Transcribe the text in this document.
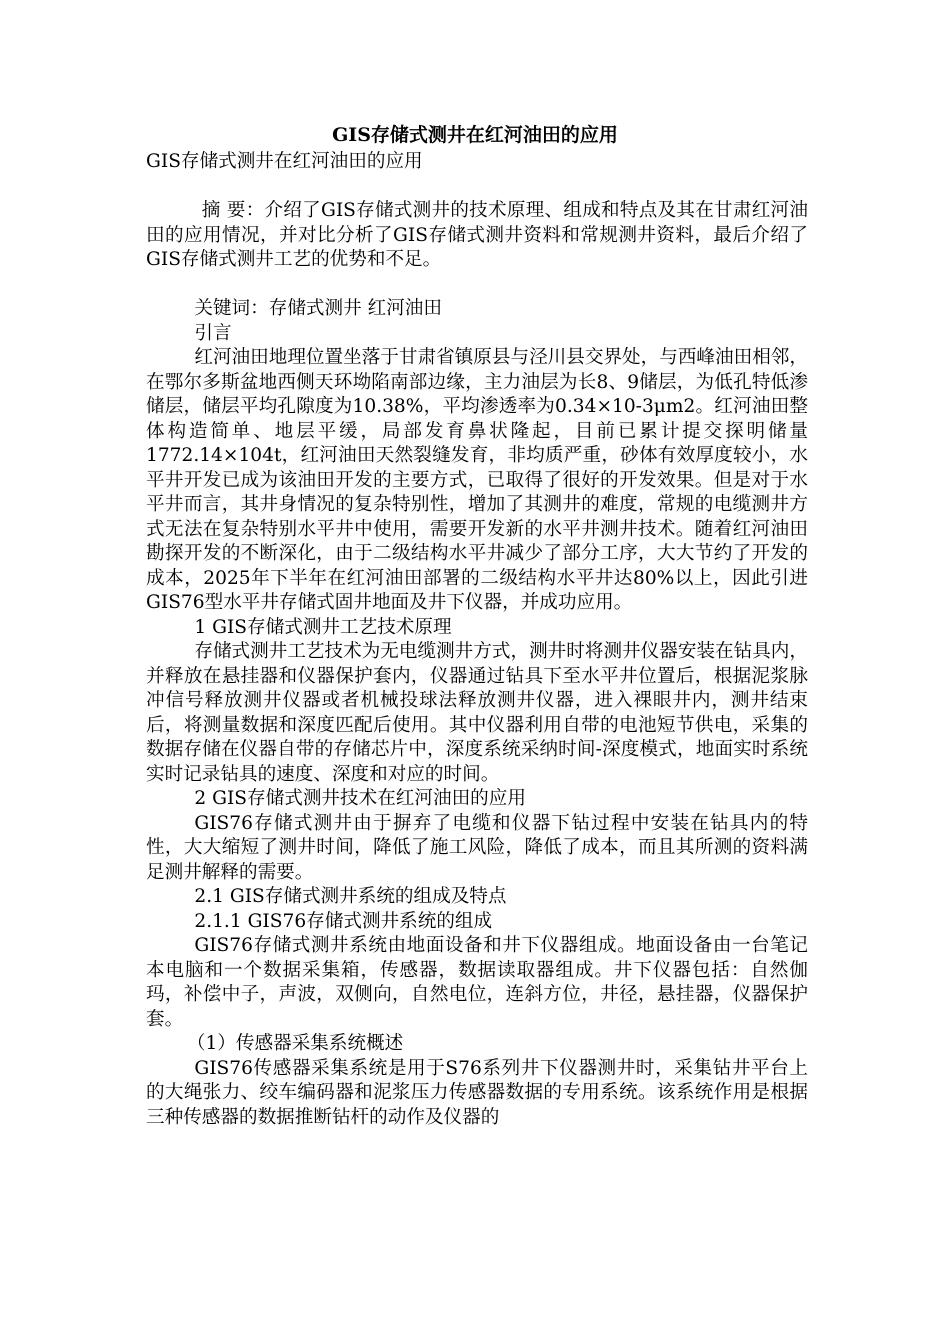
GIS存储式测井在红河油田的应用

GIS存储式测井在红河油田的应用

摘 要：介绍了GIS存储式测井的技术原理、组成和特点及其在甘肃红河油田的应用情况，并对比分析了GIS存储式测井资料和常规测井资料，最后介绍了GIS存储式测井工艺的优势和不足。

关键词：存储式测井 红河油田

引言

红河油田地理位置坐落于甘肃省镇原县与泾川县交界处，与西峰油田相邻，在鄂尔多斯盆地西侧天环坳陷南部边缘，主力油层为长8、9储层，为低孔特低渗储层，储层平均孔隙度为10.38%，平均渗透率为0.34×10-3μm2。红河油田整体构造简单、地层平缓，局部发育鼻状隆起，目前已累计提交探明储量1772.14×104t，红河油田天然裂缝发育，非均质严重，砂体有效厚度较小，水平井开发已成为该油田开发的主要方式，已取得了很好的开发效果。但是对于水平井而言，其井身情况的复杂特别性，增加了其测井的难度，常规的电缆测井方式无法在复杂特别水平井中使用，需要开发新的水平井测井技术。随着红河油田勘探开发的不断深化，由于二级结构水平井减少了部分工序，大大节约了开发的成本，2025年下半年在红河油田部署的二级结构水平井达80%以上，因此引进GIS76型水平井存储式固井地面及井下仪器，并成功应用。

1 GIS存储式测井工艺技术原理

存储式测井工艺技术为无电缆测井方式，测井时将测井仪器安装在钻具内，并释放在悬挂器和仪器保护套内，仪器通过钻具下至水平井位置后，根据泥浆脉冲信号释放测井仪器或者机械投球法释放测井仪器，进入裸眼井内，测井结束后，将测量数据和深度匹配后使用。其中仪器利用自带的电池短节供电，采集的数据存储在仪器自带的存储芯片中，深度系统采纳时间-深度模式，地面实时系统实时记录钻具的速度、深度和对应的时间。

2 GIS存储式测井技术在红河油田的应用

GIS76存储式测井由于摒弃了电缆和仪器下钻过程中安装在钻具内的特性，大大缩短了测井时间，降低了施工风险，降低了成本，而且其所测的资料满足测井解释的需要。

2.1 GIS存储式测井系统的组成及特点

2.1.1 GIS76存储式测井系统的组成

GIS76存储式测井系统由地面设备和井下仪器组成。地面设备由一台笔记本电脑和一个数据采集箱，传感器，数据读取器组成。井下仪器包括：自然伽玛，补偿中子，声波，双侧向，自然电位，连斜方位，井径，悬挂器，仪器保护套。

（1）传感器采集系统概述

GIS76传感器采集系统是用于S76系列井下仪器测井时，采集钻井平台上的大绳张力、绞车编码器和泥浆压力传感器数据的专用系统。该系统作用是根据三种传感器的数据推断钻杆的动作及仪器的
